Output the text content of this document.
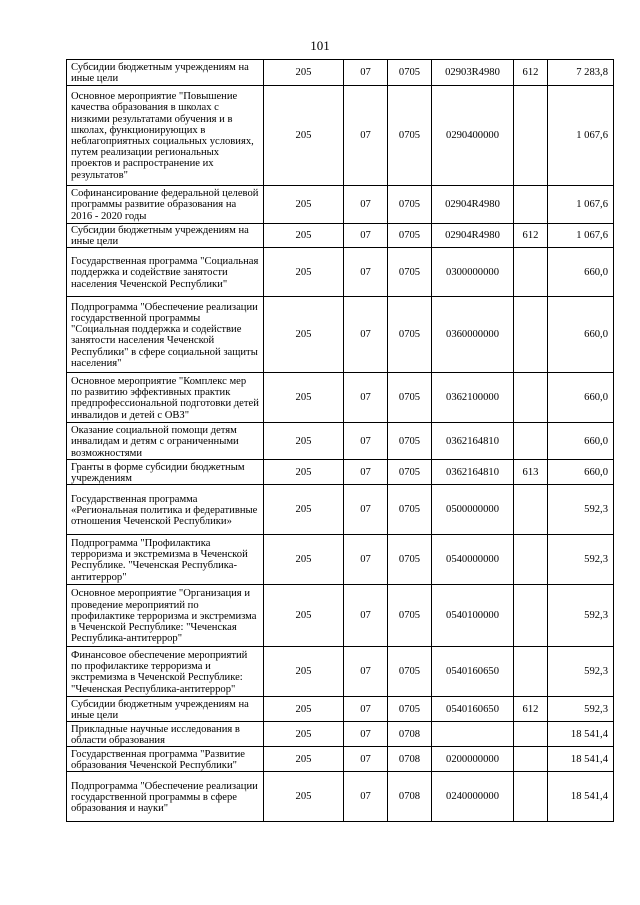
101
Субсидии бюджетным учреждениям на иные цели	205	07	0705	02903R4980	612	7 283,8
Основное мероприятие "Повышение качества образования в школах с низкими результатами обучения и в школах, функционирующих в неблагоприятных социальных условиях, путем реализации региональных проектов и распространение их результатов"	205	07	0705	0290400000		1 067,6
Софинансирование федеральной целевой программы развитие образования на 2016 - 2020 годы	205	07	0705	02904R4980		1 067,6
Субсидии бюджетным учреждениям на иные цели	205	07	0705	02904R4980	612	1 067,6
Государственная программа "Социальная поддержка и содействие занятости населения Чеченской Республики"	205	07	0705	0300000000		660,0
Подпрограмма "Обеспечение реализации государственной программы "Социальная поддержка и содействие занятости населения Чеченской Республики" в сфере социальной защиты населения"	205	07	0705	0360000000		660,0
Основное мероприятие "Комплекс мер по развитию эффективных практик предпрофессиональной подготовки детей инвалидов и детей с ОВЗ"	205	07	0705	0362100000		660,0
Оказание социальной помощи детям инвалидам и детям с ограниченными возможностями	205	07	0705	0362164810		660,0
Гранты в форме субсидии бюджетным учреждениям	205	07	0705	0362164810	613	660,0
Государственная программа «Региональная политика и федеративные отношения Чеченской Республики»	205	07	0705	0500000000		592,3
Подпрограмма "Профилактика терроризма и экстремизма в Чеченской Республике. "Чеченская Республика-антитеррор"	205	07	0705	0540000000		592,3
Основное мероприятие "Организация и проведение мероприятий по профилактике терроризма и экстремизма в Чеченской Республике: "Чеченская Республика-антитеррор"	205	07	0705	0540100000		592,3
Финансовое обеспечение мероприятий по профилактике терроризма и экстремизма в Чеченской Республике: "Чеченская Республика-антитеррор"	205	07	0705	0540160650		592,3
Субсидии бюджетным учреждениям на иные цели	205	07	0705	0540160650	612	592,3
Прикладные научные исследования в области образования	205	07	0708			18 541,4
Государственная программа "Развитие образования Чеченской Республики"	205	07	0708	0200000000		18 541,4
Подпрограмма "Обеспечение реализации государственной программы в сфере образования и науки"	205	07	0708	0240000000		18 541,4
